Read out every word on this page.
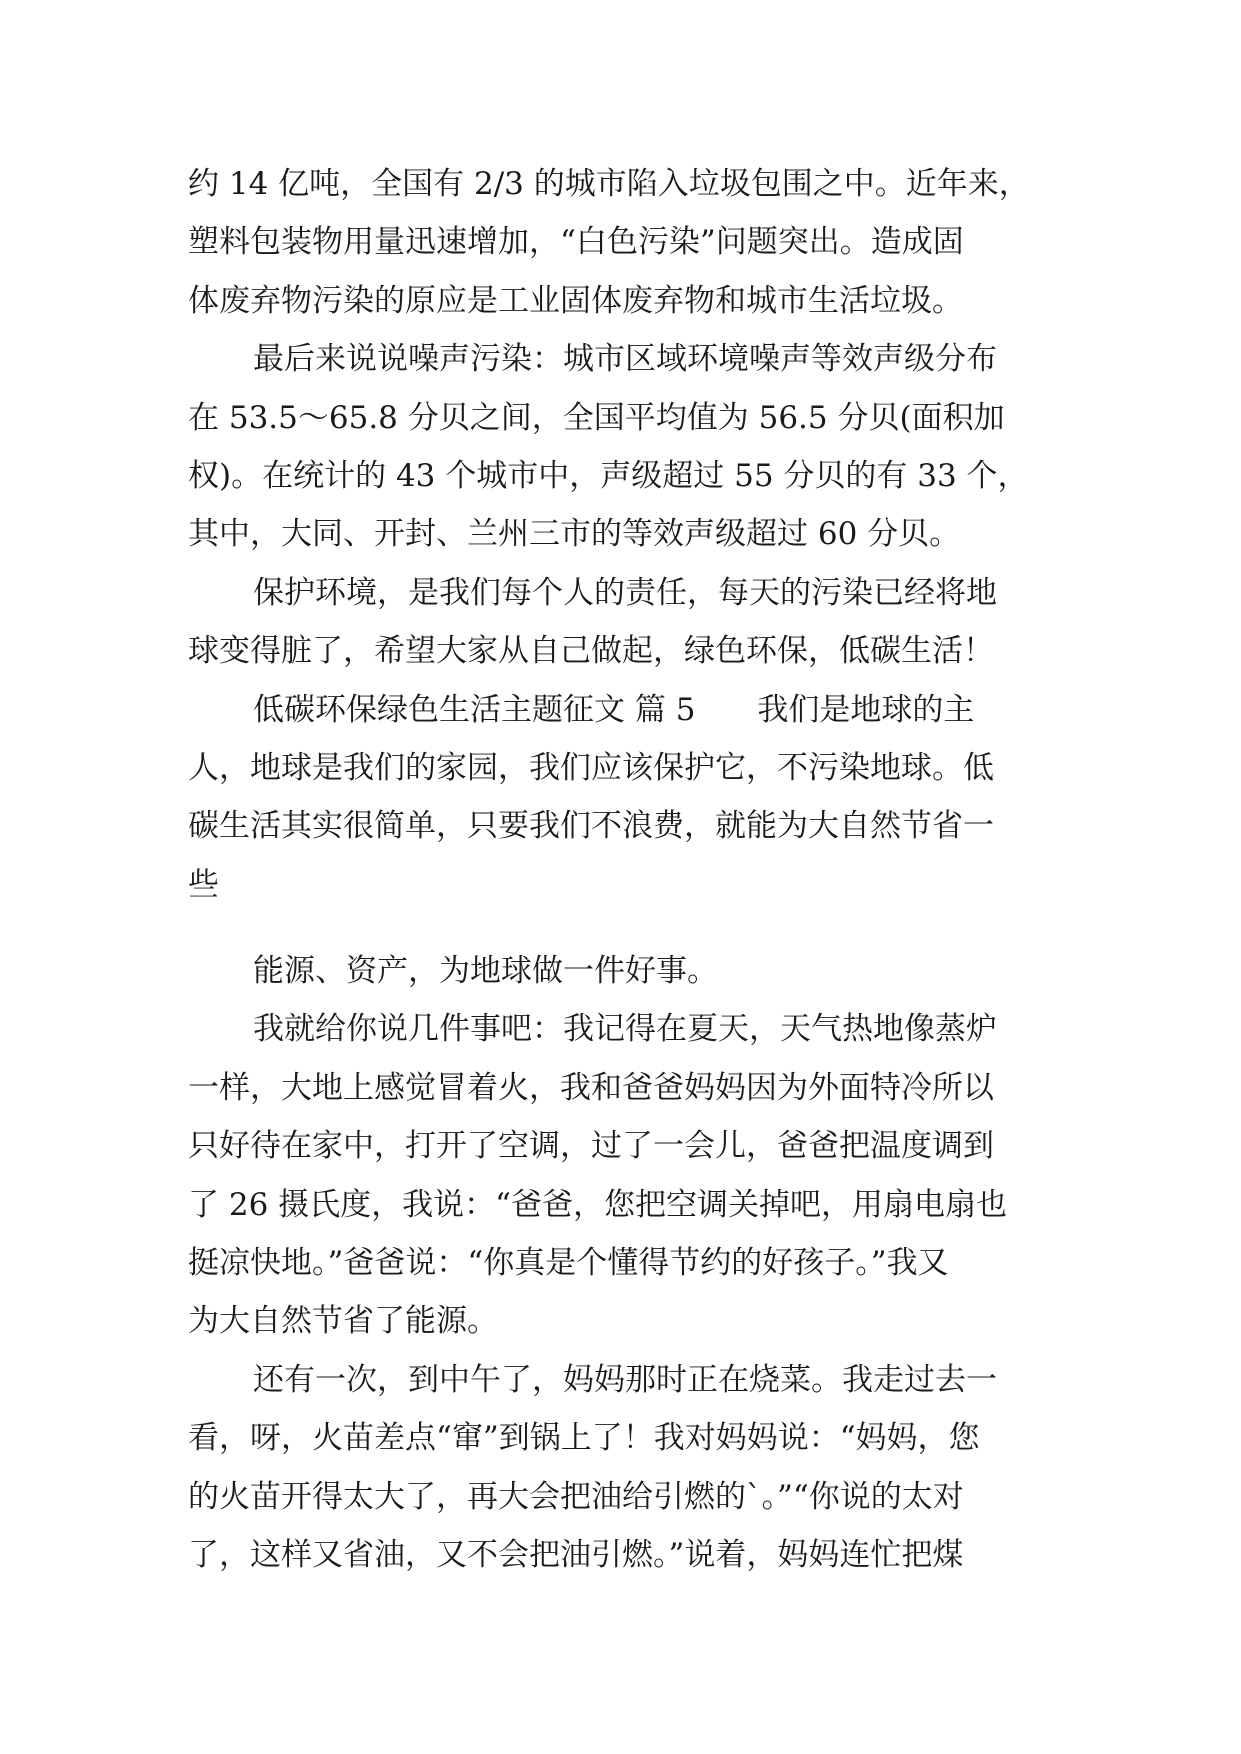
约 14 亿吨，全国有 2/3 的城市陷入垃圾包围之中。近年来，
塑料包装物用量迅速增加，“白色污染”问题突出。造成固
体废弃物污染的原应是工业固体废弃物和城市生活垃圾。
最后来说说噪声污染：城市区域环境噪声等效声级分布
在 53.5～65.8 分贝之间，全国平均值为 56.5 分贝(面积加
权)。在统计的 43 个城市中，声级超过 55 分贝的有 33 个，
其中，大同、开封、兰州三市的等效声级超过 60 分贝。
保护环境，是我们每个人的责任，每天的污染已经将地
球变得脏了，希望大家从自己做起，绿色环保，低碳生活！
低碳环保绿色生活主题征文 篇 5　　我们是地球的主
人，地球是我们的家园，我们应该保护它，不污染地球。低
碳生活其实很简单，只要我们不浪费，就能为大自然节省一
些
能源、资产，为地球做一件好事。
我就给你说几件事吧：我记得在夏天，天气热地像蒸炉
一样，大地上感觉冒着火，我和爸爸妈妈因为外面特冷所以
只好待在家中，打开了空调，过了一会儿，爸爸把温度调到
了 26 摄氏度，我说：“爸爸，您把空调关掉吧，用扇电扇也
挺凉快地。”爸爸说：“你真是个懂得节约的好孩子。”我又
为大自然节省了能源。
还有一次，到中午了，妈妈那时正在烧菜。我走过去一
看，呀，火苗差点“窜”到锅上了！我对妈妈说：“妈妈，您
的火苗开得太大了，再大会把油给引燃的`。”“你说的太对
了，这样又省油，又不会把油引燃。”说着，妈妈连忙把煤
